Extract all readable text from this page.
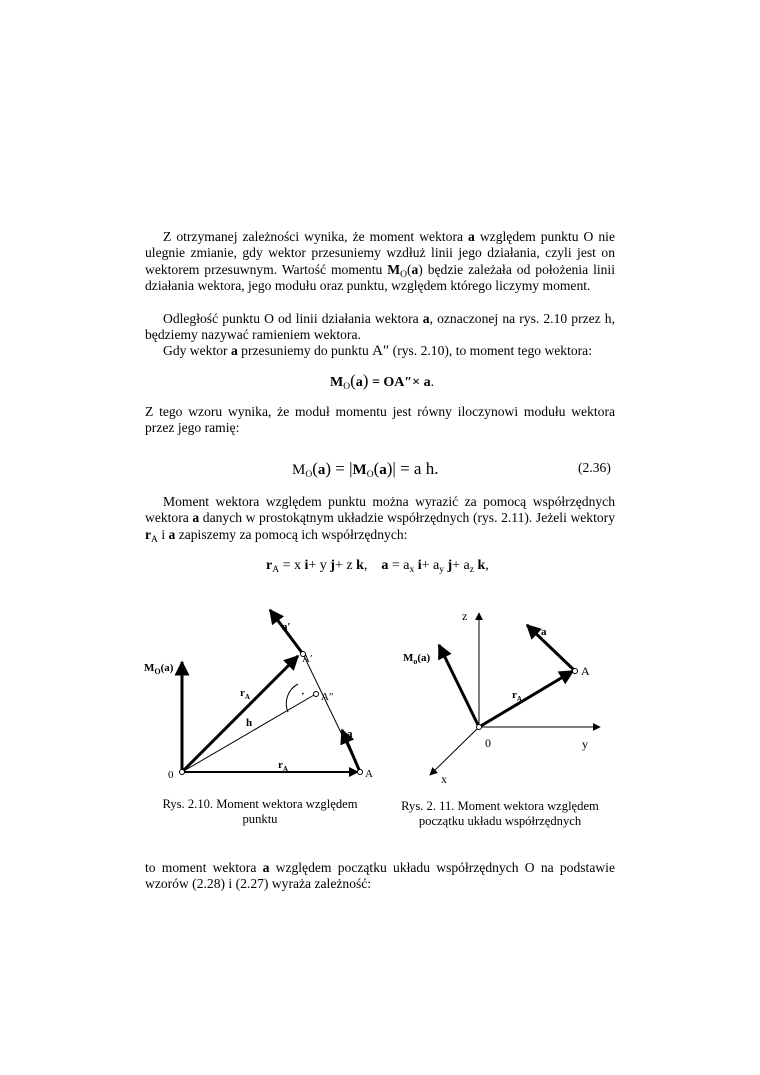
Z otrzymanej zależności wynika, że moment wektora a względem punktu O nie ulegnie zmianie, gdy wektor przesuniemy wzdłuż linii jego działania, czyli jest on wektorem przesuwnym. Wartość momentu $M_O(a)$ będzie zależała od położenia linii działania wektora, jego modułu oraz punktu, względem którego liczymy moment.

Odległość punktu O od linii działania wektora a, oznaczonej na rys. 2.10 przez h, będziemy nazywać ramieniem wektora.

Gdy wektor a przesuniemy do punktu A″ (rys. 2.10), to moment tego wektora:

$M_O(a) = OA''\times a$.

Z tego wzoru wynika, że moduł momentu jest równy iloczynowi modułu wektora przez jego ramię:

$M_O(a) = |M_O(a)| = a$ h.	(2.36)

Moment wektora względem punktu można wyrazić za pomocą współrzędnych wektora a danych w prostokątnym układzie współrzędnych (rys. 2.11). Jeżeli wektory $r_A$ i a zapiszemy za pomocą ich współrzędnych:

$r_A = x$ i+ y j+ z k,    $a = a_x$ $i+ a_y$ $j+ a_z$ k,
$M_O(a)$
a′
A′
A″
·
$r_A$
h
a
0
$r_A$	A
Rys. 2.10. Moment wektora względem
punktu
z
a
$M_o(a)$
A
$r_A$
0	y
x
Rys. 2. 11. Moment wektora względem
początku układu współrzędnych

to moment wektora a względem początku układu współrzędnych O na podstawie wzorów (2.28) i (2.27) wyraża zależność:
